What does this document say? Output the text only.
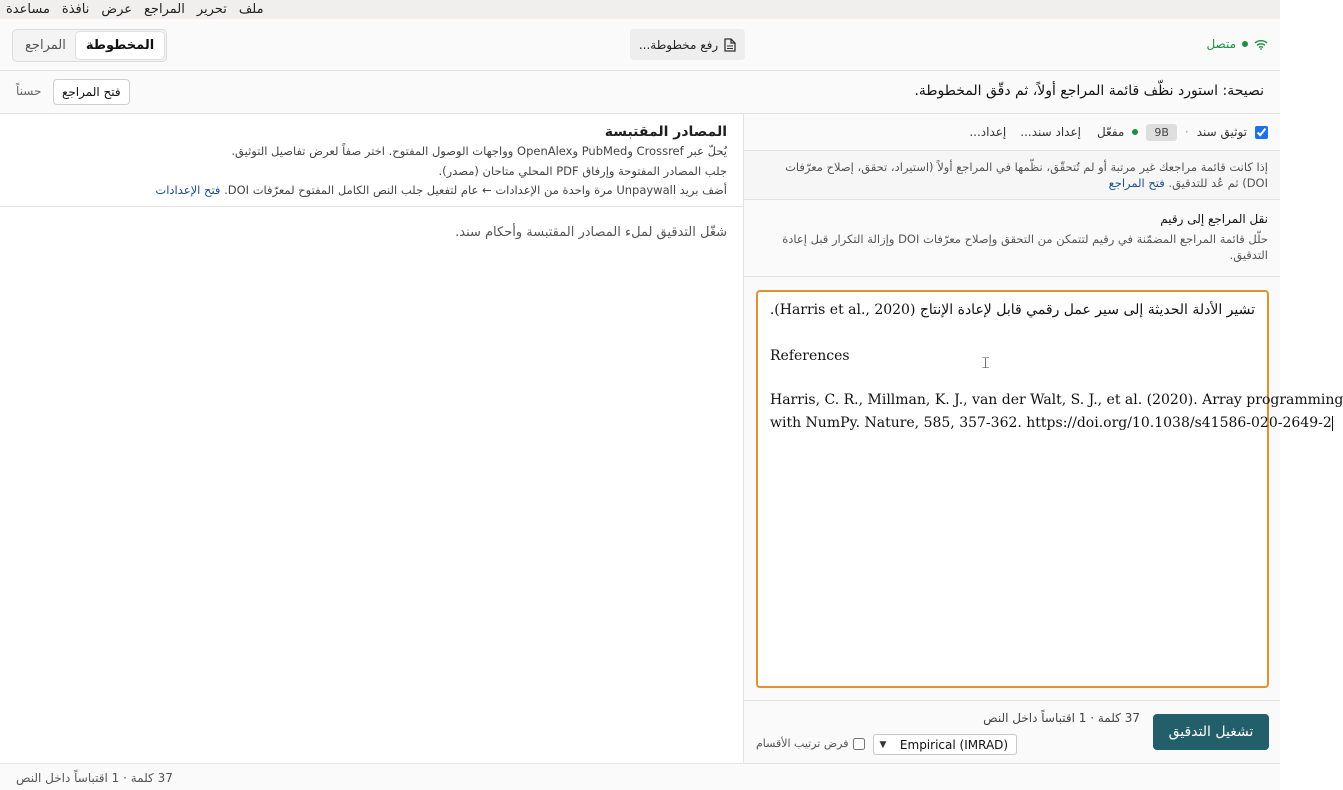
ملف
تحرير
المراجع
عرض
نافذة
مساعدة
المراجع	المخطوطة	رفع مخطوطة...	متصل
نصيحة: استورد نظّف قائمة المراجع أولاً، ثم دقّق المخطوطة.
فتح المراجع
حسناً
المصادر المقتبسة
يُحلّ عبر Crossref وPubMed وOpenAlex وواجهات الوصول المفتوح. اختر صفاً لعرض تفاصيل التوثيق.
جلب المصادر المفتوحة وإرفاق PDF المحلي متاحان (مصدر).
أضف بريد Unpaywall مرة واحدة من الإعدادات ← عام لتفعيل جلب النص الكامل المفتوح لمعرّفات DOI. فتح الإعدادات
شغّل التدقيق لملء المصادر المقتبسة وأحكام سند.
توثيق سند
·
9B
مفعّل
إعداد سند...
إعداد...
إذا كانت قائمة مراجعك غير مرتبة أو لم تُتحقّق، نظّمها في المراجع أولاً (استيراد، تحقق، إصلاح معرّفات DOI) ثم عُد للتدقيق. فتح المراجع
نقل المراجع إلى رقيم
حلّل قائمة المراجع المضمّنة في رقيم لتتمكن من التحقق وإصلاح معرّفات DOI وإزالة التكرار قبل إعادة التدقيق.
تشير الأدلة الحديثة إلى سير عمل رقمي قابل لإعادة الإنتاج (Harris et al., 2020).
References
Harris, C. R., Millman, K. J., van der Walt, S. J., et al. (2020). Array programming
with NumPy. Nature, 585, 357-362. https://doi.org/10.1038/s41586-020-2649-2
𝙸
تشغيل التدقيق
37 كلمة · 1 اقتباساً داخل النص
▼	Empirical (IMRAD)
فرض ترتيب الأقسام
37 كلمة · 1 اقتباساً داخل النص
